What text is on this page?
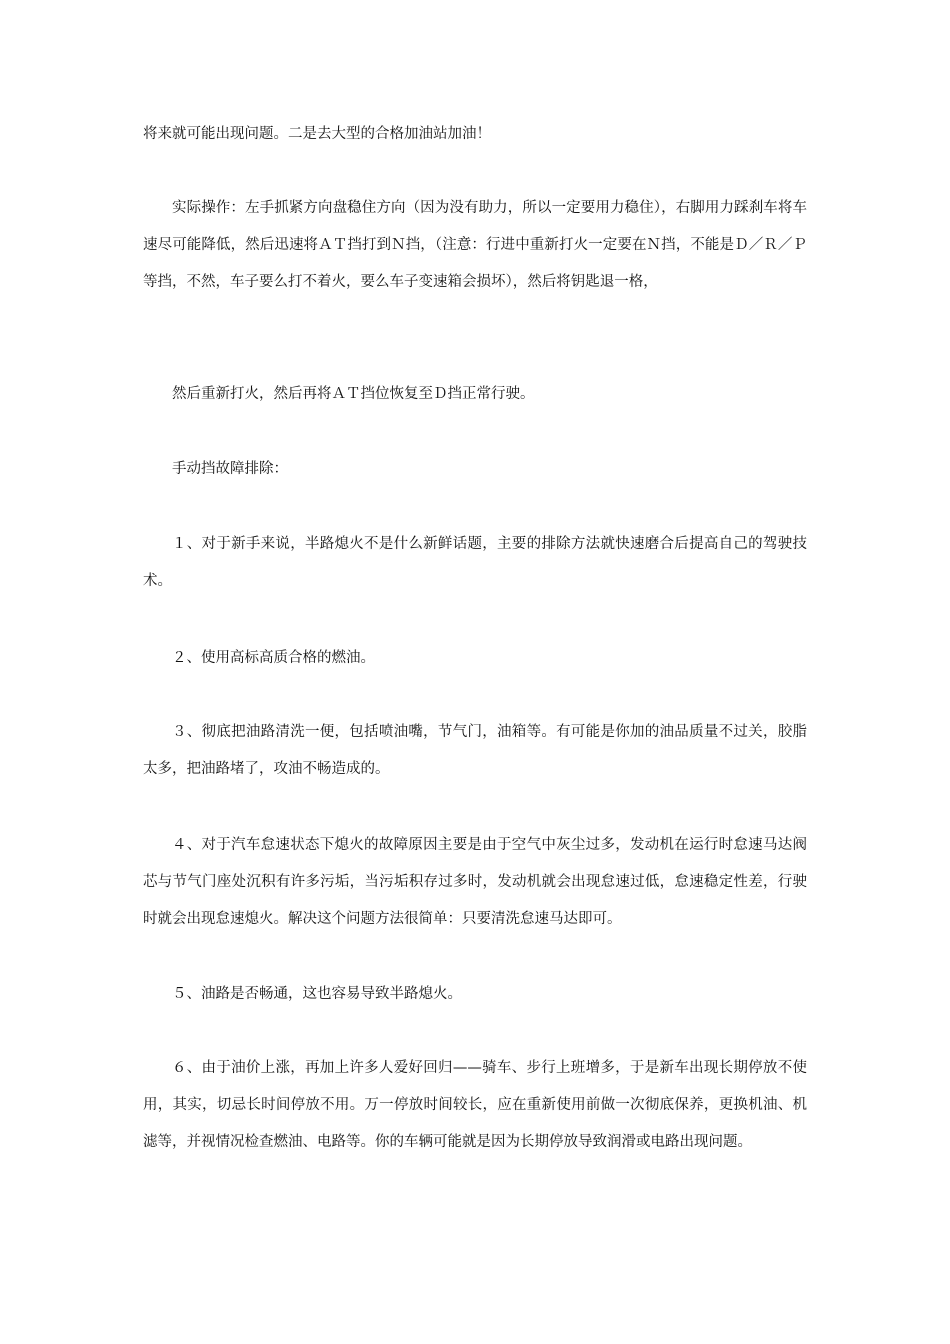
将来就可能出现问题。二是去大型的合格加油站加油！

实际操作：左手抓紧方向盘稳住方向（因为没有助力，所以一定要用力稳住），右脚用力踩刹车将车速尽可能降低，然后迅速将ＡＴ挡打到Ｎ挡，（注意：行进中重新打火一定要在Ｎ挡，不能是Ｄ／Ｒ／Ｐ等挡，不然，车子要么打不着火，要么车子变速箱会损坏），然后将钥匙退一格，

然后重新打火，然后再将ＡＴ挡位恢复至Ｄ挡正常行驶。

手动挡故障排除：

１、对于新手来说，半路熄火不是什么新鲜话题，主要的排除方法就快速磨合后提高自己的驾驶技术。

２、使用高标高质合格的燃油。

３、彻底把油路清洗一便，包括喷油嘴，节气门，油箱等。有可能是你加的油品质量不过关，胶脂太多，把油路堵了，攻油不畅造成的。

４、对于汽车怠速状态下熄火的故障原因主要是由于空气中灰尘过多，发动机在运行时怠速马达阀芯与节气门座处沉积有许多污垢，当污垢积存过多时，发动机就会出现怠速过低，怠速稳定性差，行驶时就会出现怠速熄火。解决这个问题方法很简单：只要清洗怠速马达即可。

５、油路是否畅通，这也容易导致半路熄火。

６、由于油价上涨，再加上许多人爱好回归——骑车、步行上班增多，于是新车出现长期停放不使用，其实，切忌长时间停放不用。万一停放时间较长，应在重新使用前做一次彻底保养，更换机油、机滤等，并视情况检查燃油、电路等。你的车辆可能就是因为长期停放导致润滑或电路出现问题。
